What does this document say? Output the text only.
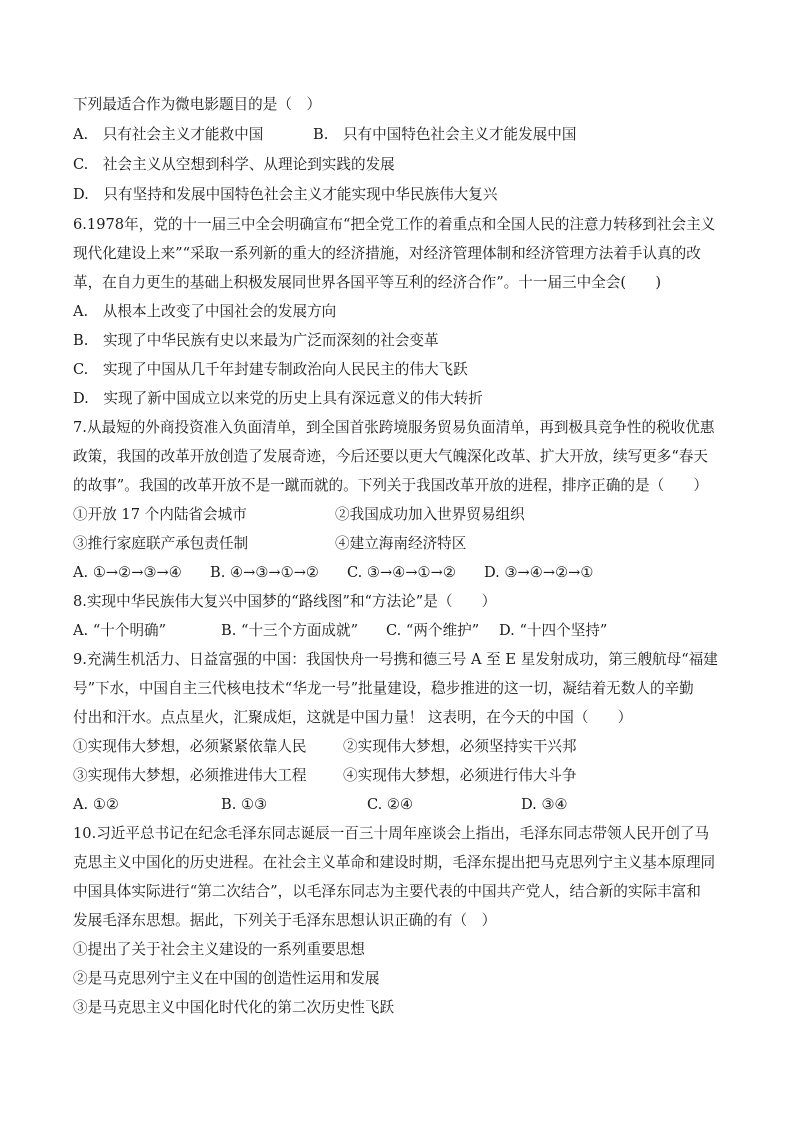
下列最适合作为微电影题目的是（　）
A.　只有社会主义才能救中国	B.　只有中国特色社会主义才能发展中国
C.　社会主义从空想到科学、从理论到实践的发展
D.　只有坚持和发展中国特色社会主义才能实现中华民族伟大复兴
6.1978年，党的十一届三中全会明确宣布“把全党工作的着重点和全国人民的注意力转移到社会主义
现代化建设上来”“采取一系列新的重大的经济措施，对经济管理体制和经济管理方法着手认真的改
革，在自力更生的基础上积极发展同世界各国平等互利的经济合作”。十一届三中全会(　　)
A.　从根本上改变了中国社会的发展方向
B.　实现了中华民族有史以来最为广泛而深刻的社会变革
C.　实现了中国从几千年封建专制政治向人民民主的伟大飞跃
D.　实现了新中国成立以来党的历史上具有深远意义的伟大转折
7.从最短的外商投资准入负面清单，到全国首张跨境服务贸易负面清单，再到极具竞争性的税收优惠
政策，我国的改革开放创造了发展奇迹，今后还要以更大气魄深化改革、扩大开放，续写更多“春天
的故事”。我国的改革开放不是一蹴而就的。下列关于我国改革开放的进程，排序正确的是（　　）
①开放 17 个内陆省会城市	②我国成功加入世界贸易组织
③推行家庭联产承包责任制	④建立海南经济特区
A. ①→②→③→④ B. ④→③→①→② C. ③→④→①→② D. ③→④→②→①
8.实现中华民族伟大复兴中国梦的“路线图”和“方法论”是（　　）
A. “十个明确”	B. “十三个方面成就” C. “两个维护” D. “十四个坚持”
9.充满生机活力、日益富强的中国：我国快舟一号携和德三号 A 至 E 星发射成功，第三艘航母“福建
号”下水，中国自主三代核电技术“华龙一号”批量建设，稳步推进的这一切，凝结着无数人的辛勤
付出和汗水。点点星火，汇聚成炬，这就是中国力量！ 这表明，在今天的中国（　　）
①实现伟大梦想，必须紧紧依靠人民 ②实现伟大梦想，必须坚持实干兴邦
③实现伟大梦想，必须推进伟大工程 ④实现伟大梦想，必须进行伟大斗争
A. ①②	B. ①③	C. ②④	D. ③④
10.习近平总书记在纪念毛泽东同志诞辰一百三十周年座谈会上指出，毛泽东同志带领人民开创了马
克思主义中国化的历史进程。在社会主义革命和建设时期，毛泽东提出把马克思列宁主义基本原理同
中国具体实际进行“第二次结合”，以毛泽东同志为主要代表的中国共产党人，结合新的实际丰富和
发展毛泽东思想。据此，下列关于毛泽东思想认识正确的有（　）
①提出了关于社会主义建设的一系列重要思想
②是马克思列宁主义在中国的创造性运用和发展
③是马克思主义中国化时代化的第二次历史性飞跃
